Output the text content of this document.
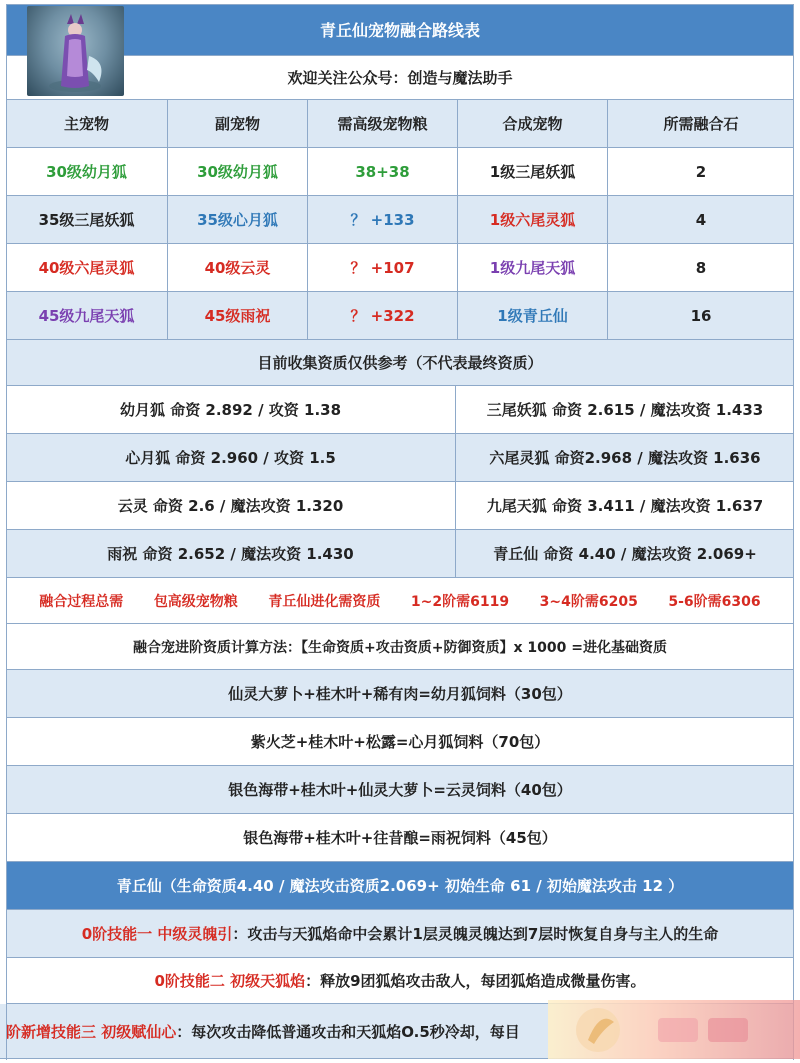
青丘仙宠物融合路线表
欢迎关注公众号：创造与魔法助手
主宠物	副宠物	需高级宠物粮	合成宠物	所需融合石
30级幼月狐	30级幼月狐	38+38	1级三尾妖狐	2
35级三尾妖狐	35级心月狐	？ +133	1级六尾灵狐	4
40级六尾灵狐	40级云灵	？ +107	1级九尾天狐	8
45级九尾天狐	45级雨祝	？ +322	1级青丘仙	16
目前收集资质仅供参考（不代表最终资质）
幼月狐 命资 2.892 / 攻资 1.38	三尾妖狐 命资 2.615 / 魔法攻资 1.433
心月狐 命资 2.960 / 攻资 1.5	六尾灵狐 命资2.968 / 魔法攻资 1.636
云灵 命资 2.6 / 魔法攻资 1.320	九尾天狐 命资 3.411 / 魔法攻资 1.637
雨祝 命资 2.652 / 魔法攻资 1.430	青丘仙 命资 4.40 / 魔法攻资 2.069+
融合过程总需 包高级宠物粮 青丘仙进化需资质 1~2阶需6119 3~4阶需6205 5-6阶需6306
融合宠进阶资质计算方法：【生命资质+攻击资质+防御资质】x 1000 =进化基础资质
仙灵大萝卜+桂木叶+稀有肉=幼月狐饲料（30包）
紫火芝+桂木叶+松露=心月狐饲料（70包）
银色海带+桂木叶+仙灵大萝卜=云灵饲料（40包）
银色海带+桂木叶+往昔酿=雨祝饲料（45包）
青丘仙（生命资质4.40 / 魔法攻击资质2.069+ 初始生命 61 / 初始魔法攻击 12 ）
0阶技能一 中级灵魄引 ：攻击与天狐焰命中会累计1层灵魄灵魄达到7层时恢复自身与主人的生命
0阶技能二 初级天狐焰 ：释放9团狐焰攻击敌人，每团狐焰造成微量伤害。
阶新增技能三 初级赋仙心 ：每次攻击降低普通攻击和天狐焰O.5秒冷却，每目
